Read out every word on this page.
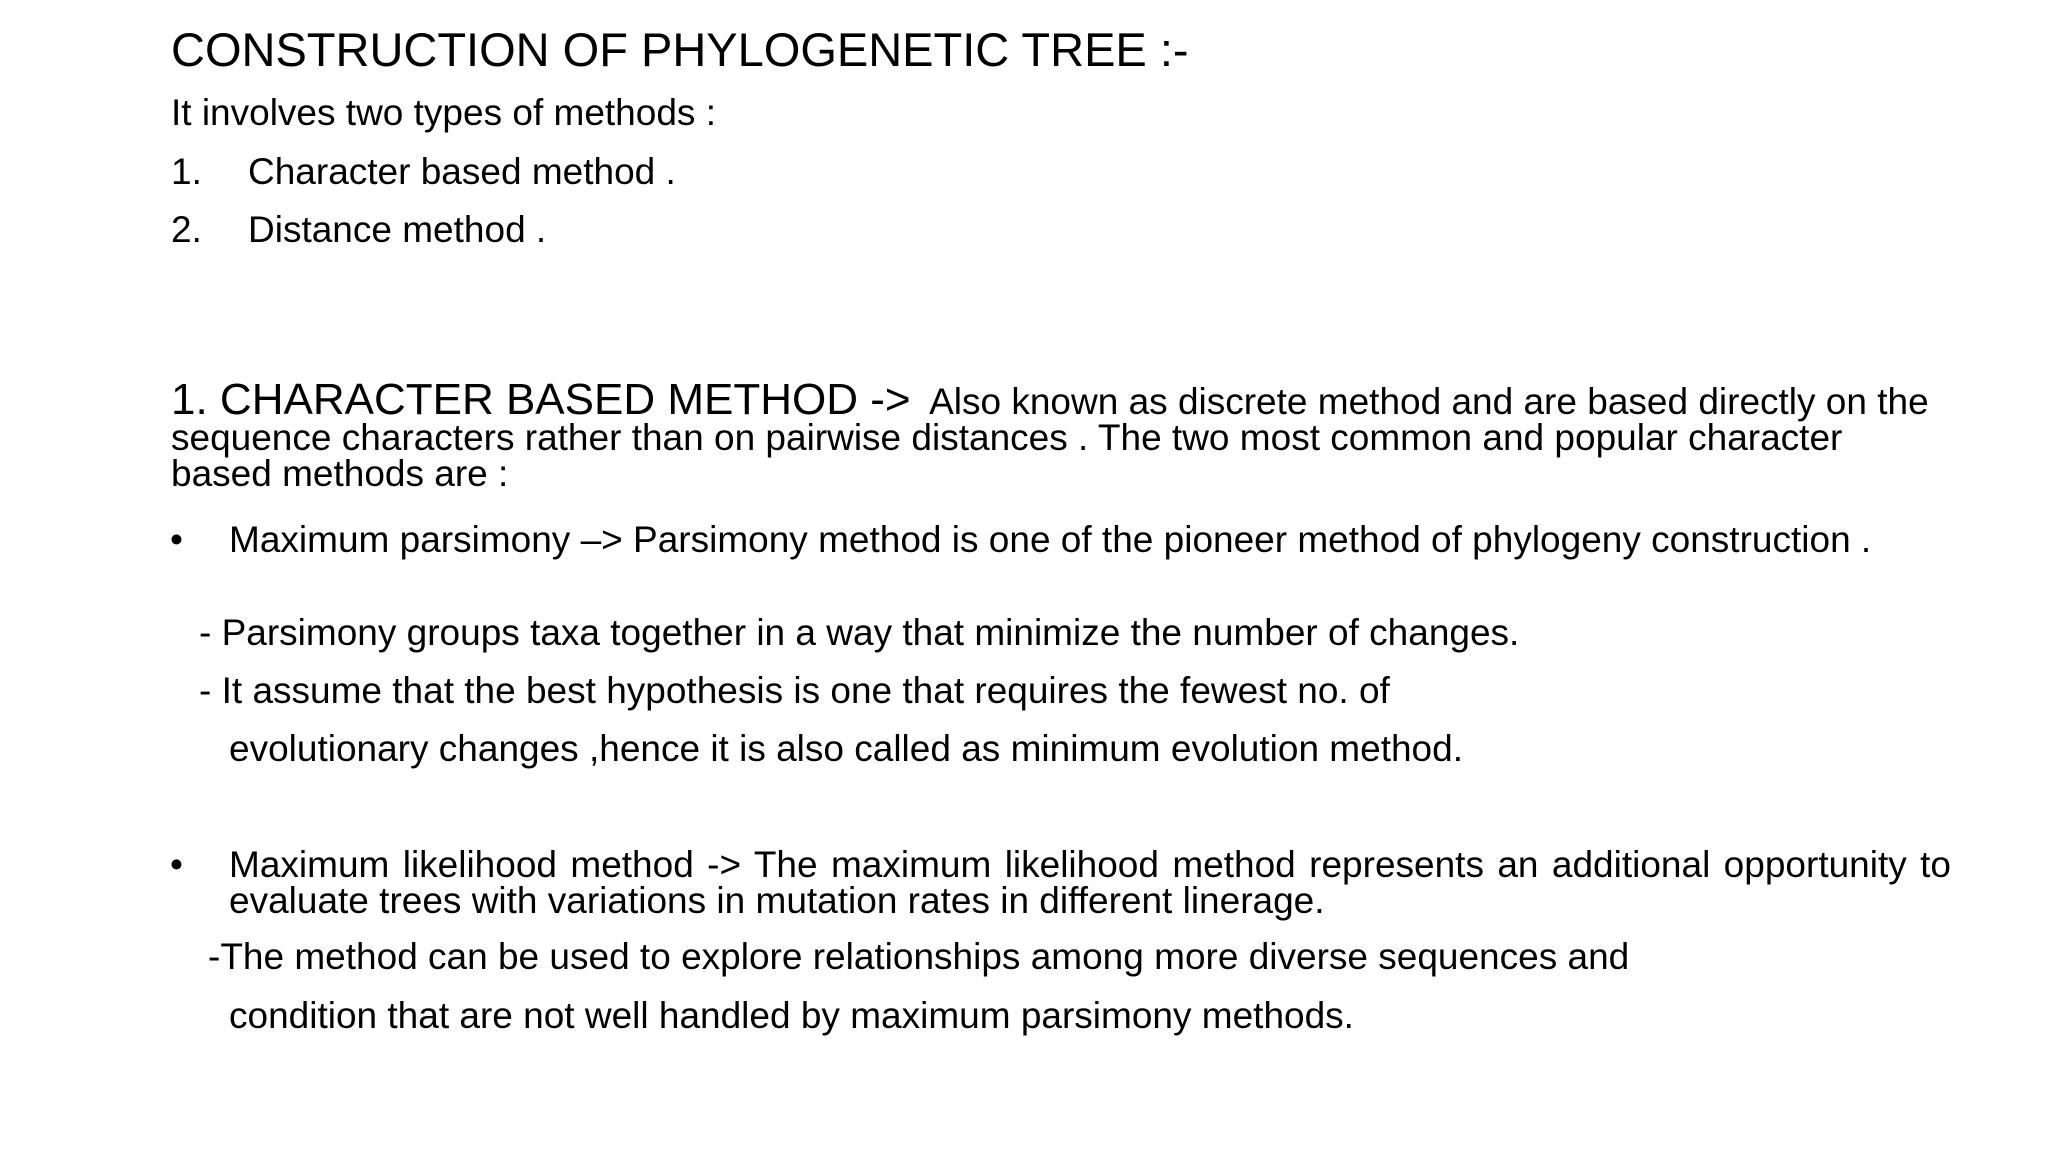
CONSTRUCTION OF PHYLOGENETIC TREE :-
It involves two types of methods :
1. Character based method .
2. Distance method .
1. CHARACTER BASED METHOD -> Also known as discrete method and are based directly on the sequence characters rather than on pairwise distances . The two most common and popular character based methods are :
• Maximum parsimony –> Parsimony method is one of the pioneer method of phylogeny construction .
- Parsimony groups taxa together in a way that minimize the number of changes.
- It assume that the best hypothesis is one that requires the fewest no. of
evolutionary changes ,hence it is also called as minimum evolution method.
• Maximum likelihood method -> The maximum likelihood method represents an additional opportunity to evaluate trees with variations in mutation rates in different linerage.
-The method can be used to explore relationships among more diverse sequences and
condition that are not well handled by maximum parsimony methods.
